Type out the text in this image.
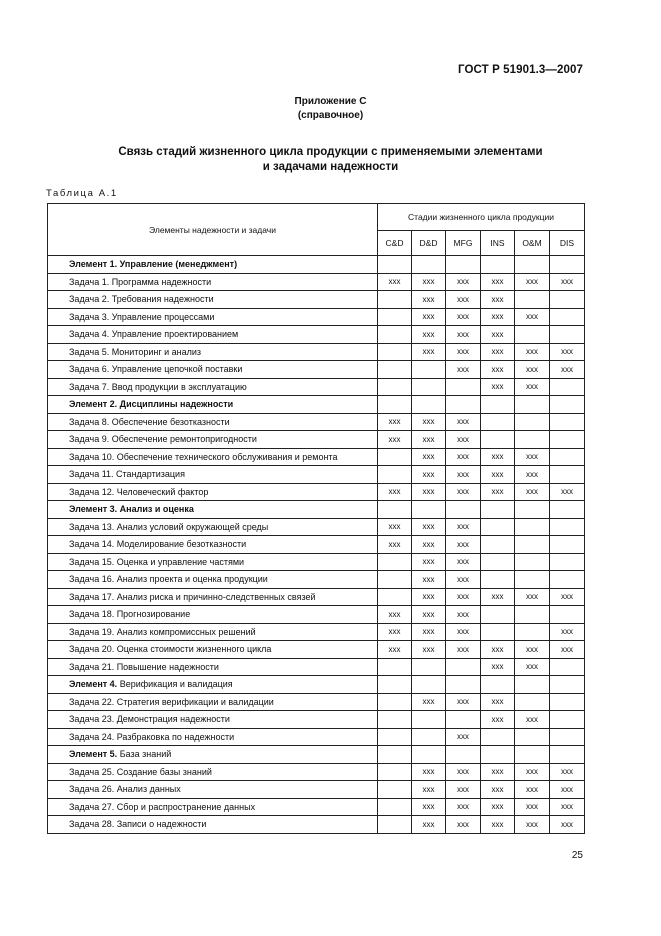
ГОСТ Р 51901.3—2007
Приложение С
(справочное)
Связь стадий жизненного цикла продукции с применяемыми элементами
и задачами надежности
Таблица А.1
Элементы надежности и задачи	Стадии жизненного цикла продукции					
	C&D	D&D	MFG	INS	O&M	DIS
Элемент 1. Управление (менеджмент)						
Задача 1. Программа надежности	xxx	xxx	xxx	xxx	xxx	xxx
Задача 2. Требования надежности		xxx	xxx	xxx		
Задача 3. Управление процессами		xxx	xxx	xxx	xxx	
Задача 4. Управление проектированием		xxx	xxx	xxx		
Задача 5. Мониторинг и анализ		xxx	xxx	xxx	xxx	xxx
Задача 6. Управление цепочкой поставки			xxx	xxx	xxx	xxx
Задача 7. Ввод продукции в эксплуатацию				xxx	xxx	
Элемент 2. Дисциплины надежности						
Задача 8. Обеспечение безотказности	xxx	xxx	xxx			
Задача 9. Обеспечение ремонтопригодности	xxx	xxx	xxx			
Задача 10. Обеспечение технического обслуживания и ремонта		xxx	xxx	xxx	xxx	
Задача 11. Стандартизация		xxx	xxx	xxx	xxx	
Задача 12. Человеческий фактор	xxx	xxx	xxx	xxx	xxx	xxx
Элемент 3. Анализ и оценка						
Задача 13. Анализ условий окружающей среды	xxx	xxx	xxx			
Задача 14. Моделирование безотказности	xxx	xxx	xxx			
Задача 15. Оценка и управление частями		xxx	xxx			
Задача 16. Анализ проекта и оценка продукции		xxx	xxx			
Задача 17. Анализ риска и причинно-следственных связей		xxx	xxx	xxx	xxx	xxx
Задача 18. Прогнозирование	xxx	xxx	xxx			
Задача 19. Анализ компромиссных решений	xxx	xxx	xxx			xxx
Задача 20. Оценка стоимости жизненного цикла	xxx	xxx	xxx	xxx	xxx	xxx
Задача 21. Повышение надежности				xxx	xxx	
Элемент 4. Верификация и валидация						
Задача 22. Стратегия верификации и валидации		xxx	xxx	xxx		
Задача 23. Демонстрация надежности				xxx	xxx	
Задача 24. Разбраковка по надежности			xxx			
Элемент 5. База знаний						
Задача 25. Создание базы знаний		xxx	xxx	xxx	xxx	xxx
Задача 26. Анализ данных		xxx	xxx	xxx	xxx	xxx
Задача 27. Сбор и распространение данных		xxx	xxx	xxx	xxx	xxx
Задача 28. Записи о надежности		xxx	xxx	xxx	xxx	xxx
25
